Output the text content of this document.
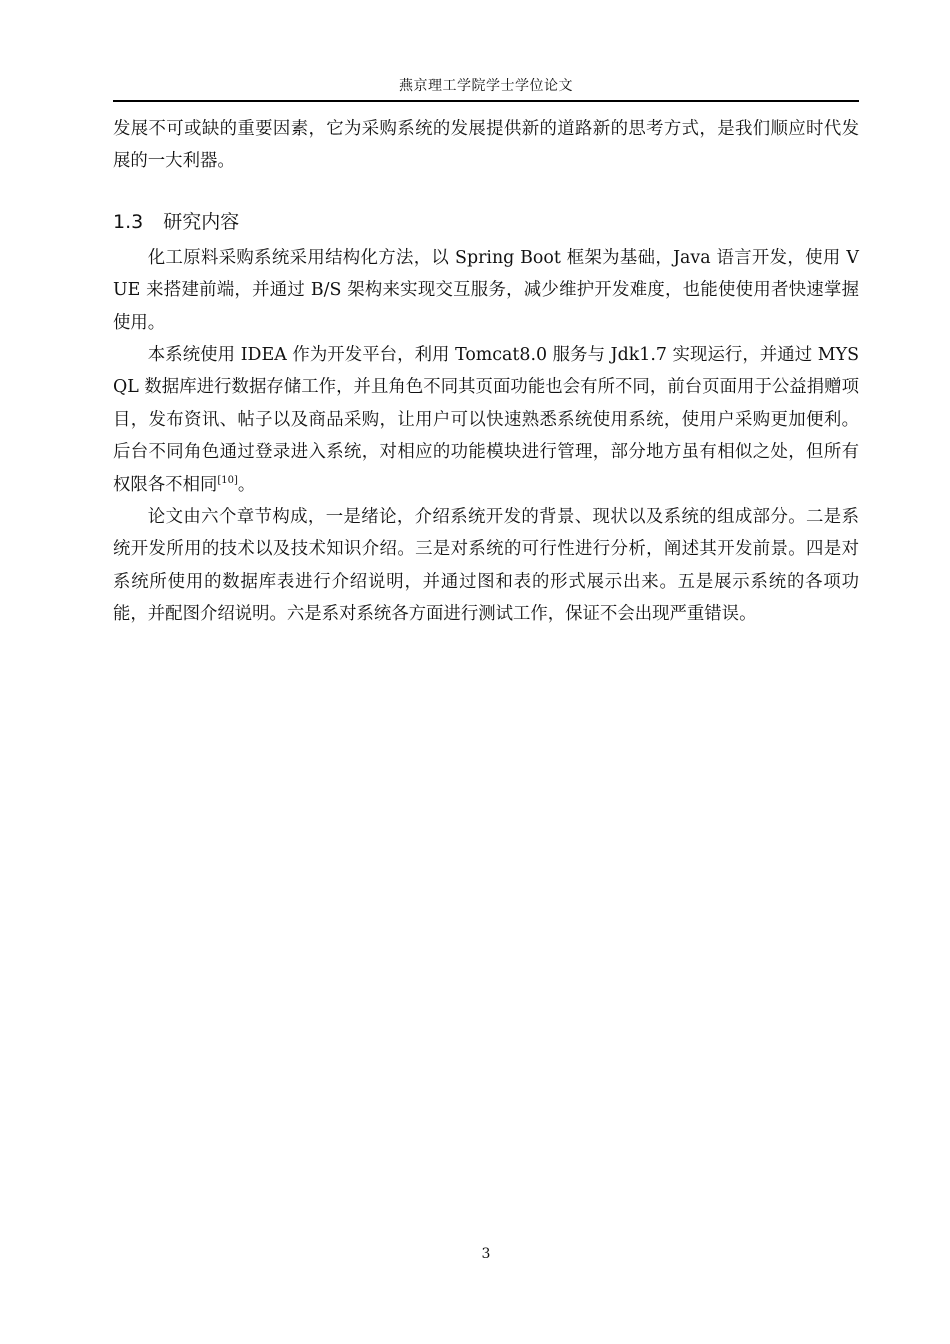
燕京理工学院学士学位论文

发展不可或缺的重要因素，它为采购系统的发展提供新的道路新的思考方式，是我们顺应时代发展的一大利器。

1.3 研究内容

化工原料采购系统采用结构化方法，以 Spring Boot 框架为基础，Java 语言开发，使用 VUE 来搭建前端，并通过 B/S 架构来实现交互服务，减少维护开发难度，也能使使用者快速掌握使用。

本系统使用 IDEA 作为开发平台，利用 Tomcat8.0 服务与 Jdk1.7 实现运行，并通过 MYSQL 数据库进行数据存储工作，并且角色不同其页面功能也会有所不同，前台页面用于公益捐赠项目，发布资讯、帖子以及商品采购，让用户可以快速熟悉系统使用系统，使用户采购更加便利。后台不同角色通过登录进入系统，对相应的功能模块进行管理，部分地方虽有相似之处，但所有权限各不相同[10]。

论文由六个章节构成，一是绪论，介绍系统开发的背景、现状以及系统的组成部分。二是系统开发所用的技术以及技术知识介绍。三是对系统的可行性进行分析，阐述其开发前景。四是对系统所使用的数据库表进行介绍说明，并通过图和表的形式展示出来。五是展示系统的各项功能，并配图介绍说明。六是系对系统各方面进行测试工作，保证不会出现严重错误。

3
